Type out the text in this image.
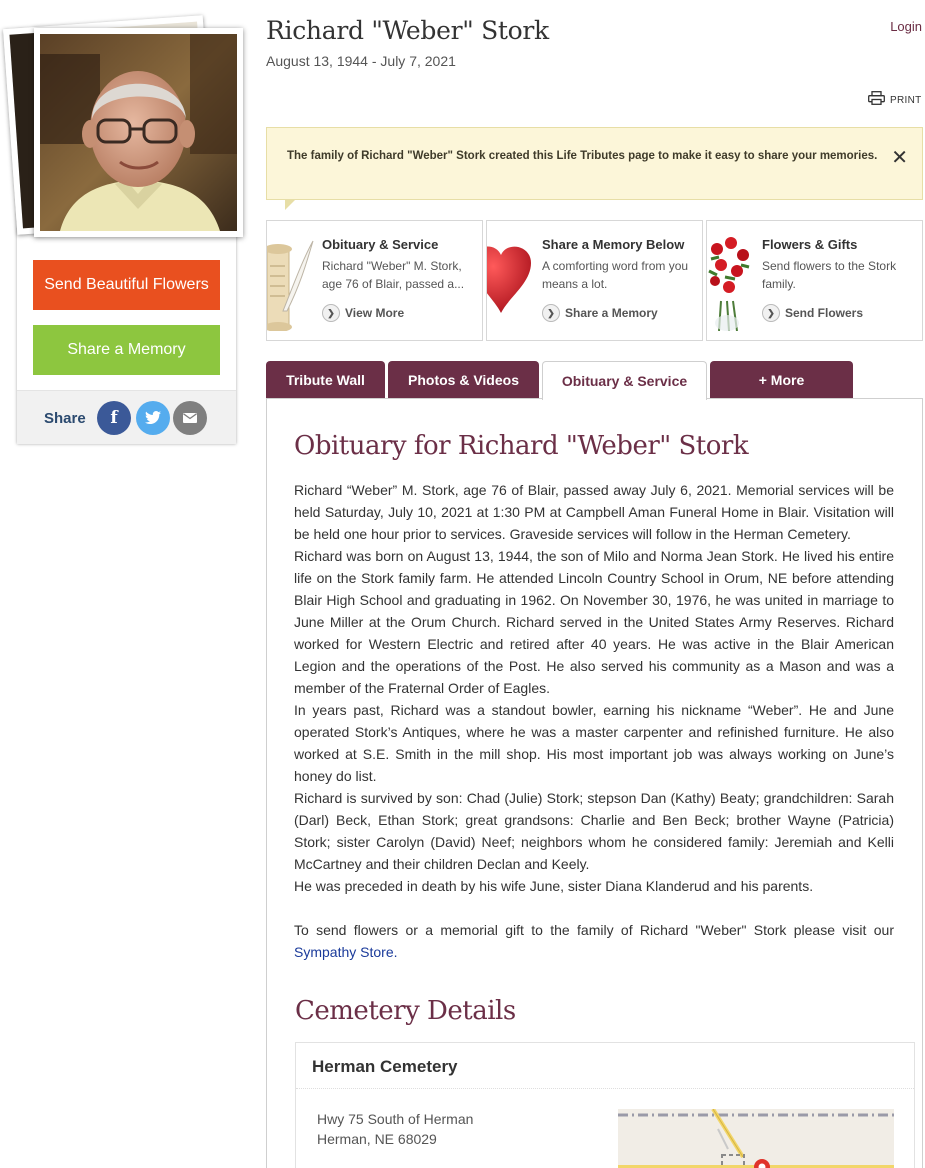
Send Beautiful Flowers
Share a Memory
Share	f
Richard "Weber" Stork
August 13, 1944 - July 7, 2021
Login
PRINT
The family of Richard "Weber" Stork created this Life Tributes page to make it easy to share your memories. ✕
Obituary & Service
Richard "Weber" M. Stork, age 76 of Blair, passed a...
❯ View More
Share a Memory Below
A comforting word from you means a lot.
❯ Share a Memory
Flowers & Gifts
Send flowers to the Stork family.
❯ Send Flowers
Tribute Wall	Photos & Videos	Obituary & Service	+ More
Obituary for Richard "Weber" Stork

Richard “Weber” M. Stork, age 76 of Blair, passed away July 6, 2021. Memorial services will be held Saturday, July 10, 2021 at 1:30 PM at Campbell Aman Funeral Home in Blair. Visitation will be held one hour prior to services. Graveside services will follow in the Herman Cemetery.

Richard was born on August 13, 1944, the son of Milo and Norma Jean Stork. He lived his entire life on the Stork family farm. He attended Lincoln Country School in Orum, NE before attending Blair High School and graduating in 1962. On November 30, 1976, he was united in marriage to June Miller at the Orum Church. Richard served in the United States Army Reserves. Richard worked for Western Electric and retired after 40 years. He was active in the Blair American Legion and the operations of the Post. He also served his community as a Mason and was a member of the Fraternal Order of Eagles.

In years past, Richard was a standout bowler, earning his nickname “Weber”. He and June operated Stork’s Antiques, where he was a master carpenter and refinished furniture. He also worked at S.E. Smith in the mill shop. His most important job was always working on June’s honey do list.

Richard is survived by son: Chad (Julie) Stork; stepson Dan (Kathy) Beaty; grandchildren: Sarah (Darl) Beck, Ethan Stork; great grandsons: Charlie and Ben Beck; brother Wayne (Patricia) Stork; sister Carolyn (David) Neef; neighbors whom he considered family: Jeremiah and Kelli McCartney and their children Declan and Keely.

He was preceded in death by his wife June, sister Diana Klanderud and his parents.

To send flowers or a memorial gift to the family of Richard "Weber" Stork please visit our Sympathy Store.

Cemetery Details
Herman Cemetery
Hwy 75 South of Herman
Herman, NE 68029
